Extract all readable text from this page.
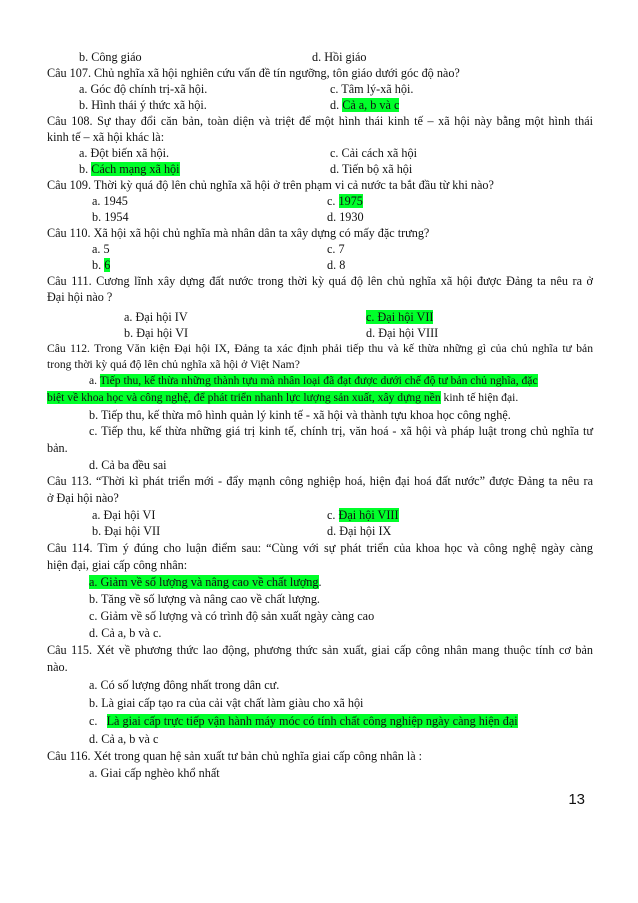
b. Công giáo	d. Hồi giáo
Câu 107. Chủ nghĩa xã hội nghiên cứu vấn đề tín ngưỡng, tôn giáo dưới góc độ nào?
a. Góc độ chính trị-xã hội.	c. Tâm lý-xã hội.
b. Hình thái ý thức xã hội.	d. Cả a, b và c
Câu 108. Sự thay đổi căn bản, toàn diện và triệt để một hình thái kinh tế – xã hội này bằng một hình thái
kinh tế – xã hội khác là:
a. Đột biến xã hội.	c. Cải cách xã hội
b. Cách mạng xã hội	d. Tiến bộ xã hội
Câu 109. Thời kỳ quá độ lên chủ nghĩa xã hội ở trên phạm vi cả nước ta bắt đầu từ khi nào?
a. 1945	c. 1975
b. 1954	d. 1930
Câu 110. Xã hội xã hội chủ nghĩa mà nhân dân ta xây dựng có mấy đặc trưng?
a. 5	c. 7
b. 6	d. 8
Câu 111. Cương lĩnh xây dựng đất nước trong thời kỳ quá độ lên chủ nghĩa xã hội được Đảng ta nêu ra ở
Đại hội nào ?
a. Đại hội IV	c. Đại hội VII
b. Đại hội VI	d. Đại hội VIII
Câu 112. Trong Văn kiện Đại hội IX, Đảng ta xác định phải tiếp thu và kế thừa những gì của chủ nghĩa tư bản
trong thời kỳ quá độ lên chủ nghĩa xã hội ở Việt Nam?
a. Tiếp thu, kế thừa những thành tựu mà nhân loại đã đạt được dưới chế độ tư bản chủ nghĩa, đặc
biệt về khoa học và công nghệ, để phát triển nhanh lực lượng sản xuất, xây dựng nền kinh tế hiện đại.
b. Tiếp thu, kế thừa mô hình quản lý kinh tế - xã hội và thành tựu khoa học công nghệ.
c. Tiếp thu, kế thừa những giá trị kinh tế, chính trị, văn hoá - xã hội và pháp luật trong chủ nghĩa tư
bản.
d. Cả ba đều sai
Câu 113. “Thời kì phát triển mới - đẩy mạnh công nghiệp hoá, hiện đại hoá đất nước” được Đảng ta nêu ra
ở Đại hội nào?
a. Đại hội VI	c. Đại hội VIII
b. Đại hội VII	d. Đại hội IX
Câu 114. Tìm ý đúng cho luận điểm sau: “Cùng với sự phát triển của khoa học và công nghệ ngày càng
hiện đại, giai cấp công nhân:
a. Giảm về số lượng và nâng cao về chất lượng.
b. Tăng về số lượng và nâng cao về chất lượng.
c. Giảm về số lượng và có trình độ sản xuất ngày càng cao
d. Cả a, b và c.
Câu 115. Xét về phương thức lao động, phương thức sản xuất, giai cấp công nhân mang thuộc tính cơ bản
nào.
a. Có số lượng đông nhất trong dân cư.
b. Là giai cấp tạo ra của cải vật chất làm giàu cho xã hội
c. Là giai cấp trực tiếp vận hành máy móc có tính chất công nghiệp ngày càng hiện đại
d. Cả a, b và c
Câu 116. Xét trong quan hệ sản xuất tư bản chủ nghĩa giai cấp công nhân là :
a. Giai cấp nghèo khổ nhất
13
